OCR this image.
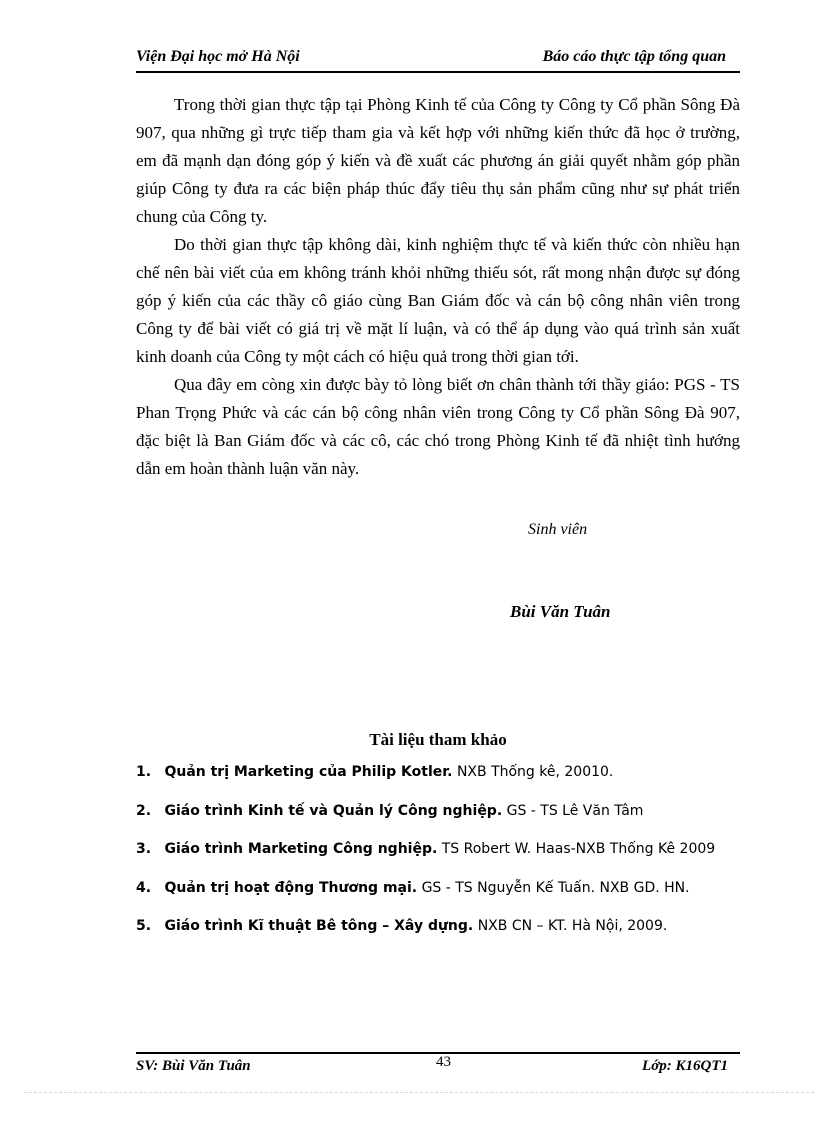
Viện Đại học mở Hà Nội	Báo cáo thực tập tổng quan

Trong thời gian thực tập tại Phòng Kinh tế của Công ty Công ty Cổ phần Sông Đà 907, qua những gì trực tiếp tham gia và kết hợp với những kiến thức đã học ở trường, em đã mạnh dạn đóng góp ý kiến và đề xuất các phương án giải quyết nhằm góp phần giúp Công ty đưa ra các biện pháp thúc đẩy tiêu thụ sản phẩm cũng như sự phát triển chung của Công ty.

Do thời gian thực tập không dài, kinh nghiệm thực tế và kiến thức còn nhiều hạn chế nên bài viết của em không tránh khỏi những thiếu sót, rất mong nhận được sự đóng góp ý kiến của các thầy cô giáo cùng Ban Giám đốc và cán bộ công nhân viên trong Công ty để bài viết có giá trị về mặt lí luận, và có thể áp dụng vào quá trình sản xuất kinh doanh của Công ty một cách có hiệu quả trong thời gian tới.

Qua đây em còng xin được bày tỏ lòng biết ơn chân thành tới thầy giáo: PGS - TS Phan Trọng Phức và các cán bộ công nhân viên trong Công ty Cổ phần Sông Đà 907, đặc biệt là Ban Giám đốc và các cô, các chó trong Phòng Kinh tế đã nhiệt tình hướng dẫn em hoàn thành luận văn này.

Sinh viên
Bùi Văn Tuân
Tài liệu tham khảo
1. Quản trị Marketing của Philip Kotler. NXB Thống kê, 20010.
2. Giáo trình Kinh tế và Quản lý Công nghiệp. GS - TS Lê Văn Tâm
3. Giáo trình Marketing Công nghiệp. TS Robert W. Haas-NXB Thống Kê 2009
4. Quản trị hoạt động Thương mại. GS - TS Nguyễn Kế Tuấn. NXB GD. HN.
5. Giáo trình Kĩ thuật Bê tông – Xây dựng. NXB CN – KT. Hà Nội, 2009.
SV: Bùi Văn Tuân	43	Lớp: K16QT1
